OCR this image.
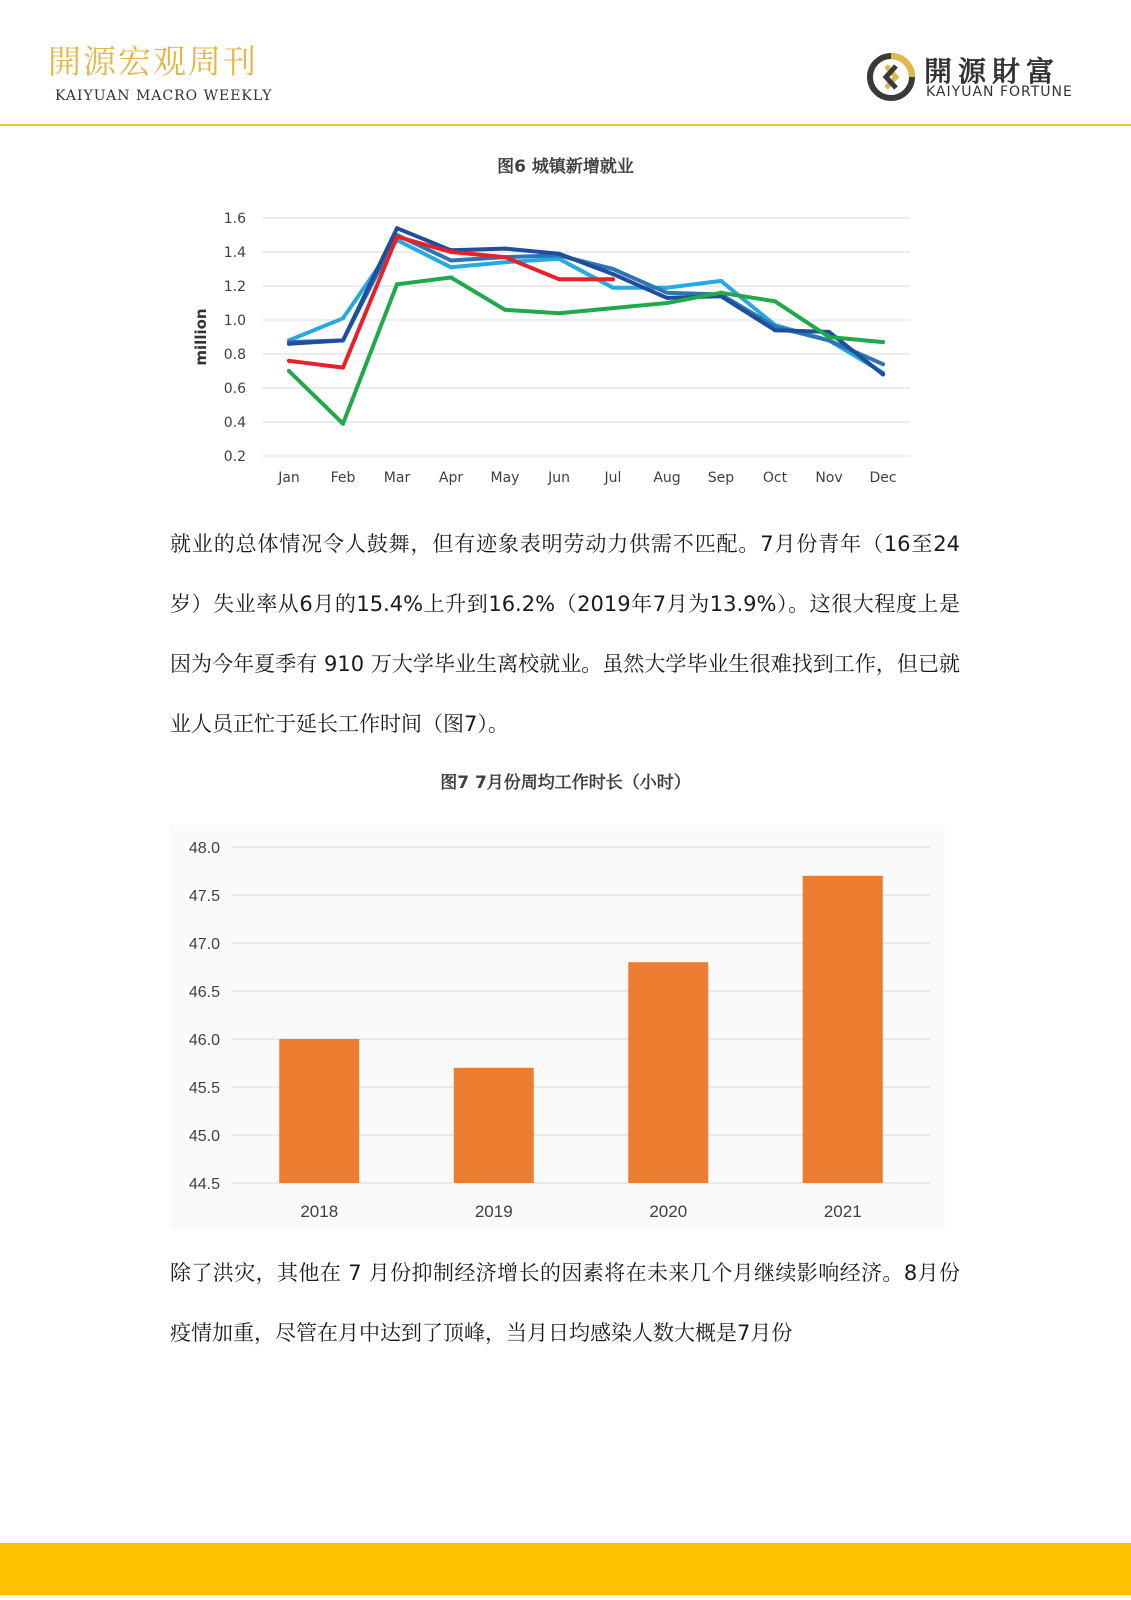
開源宏观周刊
KAIYUAN MACRO WEEKLY
開源財富
KAIYUAN FORTUNE
图6 城镇新增就业
0.2
0.4
0.6
0.8
1.0
1.2
1.4
1.6
Jan Feb Mar Apr May Jun Jul Aug Sep Oct Nov Dec
million
就业的总体情况令人鼓舞，但有迹象表明劳动力供需不匹配。7月份青年（16至24岁）失业率从6月的15.4%上升到16.2%（2019年7月为13.9%）。这很大程度上是因为今年夏季有 910 万大学毕业生离校就业。虽然大学毕业生很难找到工作，但已就业人员正忙于延长工作时间（图7）。
图7 7月份周均工作时长（小时）
44.5
45.0
45.5
46.0
46.5
47.0
47.5
48.0
2018	2019	2020	2021
除了洪灾，其他在 7 月份抑制经济增长的因素将在未来几个月继续影响经济。8月份疫情加重，尽管在月中达到了顶峰，当月日均感染人数大概是7月份
